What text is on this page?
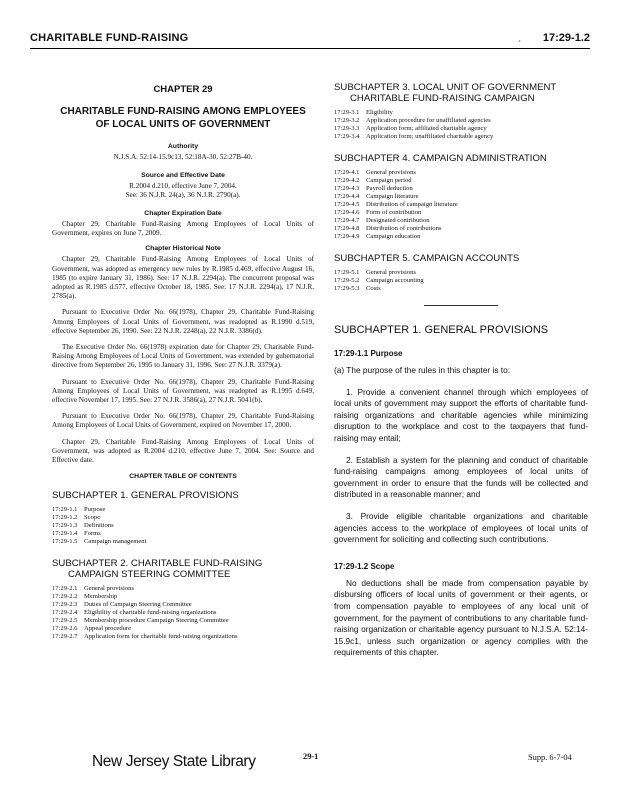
CHARITABLE FUND-RAISING	ˌ 17:29-1.2
CHAPTER 29
CHARITABLE FUND-RAISING AMONG EMPLOYEES OF LOCAL UNITS OF GOVERNMENT
Authority
N.J.S.A. 52:14-15.9c13, 52:18A-30, 52:27B-40.
Source and Effective Date
R.2004 d.210, effective June 7, 2004.
See: 36 N.J.R. 24(a), 36 N.J.R. 2790(a).
Chapter Expiration Date
Chapter 29, Charitable Fund-Raising Among Employees of Local Units of Government, expires on June 7, 2009.
Chapter Historical Note
Chapter 29, Charitable Fund-Raising Among Employees of Local Units of Government, was adopted as emergency new rules by R.1985 d.469, effective August 16, 1985 (to expire January 31, 1986). See: 17 N.J.R. 2294(a). The concurrent proposal was adopted as R.1985 d.577, effective October 18, 1985. See: 17 N.J.R. 2294(a), 17 N.J.R. 2785(a).
Pursuant to Executive Order No. 66(1978), Chapter 29, Charitable Fund-Raising Among Employees of Local Units of Government, was readopted as R.1990 d.519, effective September 26, 1990. See: 22 N.J.R. 2248(a), 22 N.J.R. 3386(d).
The Executive Order No. 66(1978) expiration date for Chapter 29, Charitable Fund-Raising Among Employees of Local Units of Government, was extended by gubernatorial directive from September 26, 1995 to January 31, 1996. See: 27 N.J.R. 3379(a).
Pursuant to Executive Order No. 66(1978), Chapter 29, Charitable Fund-Raising Among Employees of Local Units of Government, was readopted as R.1995 d.649, effective November 17, 1995. See: 27 N.J.R. 3586(a), 27 N.J.R. 5041(b).
Pursuant to Executive Order No. 66(1978), Chapter 29, Charitable Fund-Raising Among Employees of Local Units of Government, expired on November 17, 2000.
Chapter 29, Charitable Fund-Raising Among Employees of Local Units of Government, was adopted as R.2004 d.210, effective June 7, 2004. See: Source and Effective date.
CHAPTER TABLE OF CONTENTS
SUBCHAPTER 1. GENERAL PROVISIONS
17:29-1.1 Purpose
17:29-1.2 Scope
17:29-1.3 Definitions
17:29-1.4 Forms
17:29-1.5 Campaign management
SUBCHAPTER 2. CHARITABLE FUND-RAISING
CAMPAIGN STEERING COMMITTEE
17:29-2.1 General provisions
17:29-2.2 Membership
17:29-2.3 Duties of Campaign Steering Committee
17:29-2.4 Eligibility of charitable fund-raising organizations
17:29-2.5 Membership procedure Campaign Steering Committee
17:29-2.6 Appeal procedure
17:29-2.7 Application form for charitable fund-raising organizations
SUBCHAPTER 3. LOCAL UNIT OF GOVERNMENT
CHARITABLE FUND-RAISING CAMPAIGN
17:29-3.1 Eligibility
17:29-3.2 Application procedure for unaffiliated agencies
17:29-3.3 Application form; affiliated charitable agency
17:29-3.4 Application form; unaffiliated charitable agency
SUBCHAPTER 4. CAMPAIGN ADMINISTRATION
17:29-4.1 General provisions
17:29-4.2 Campaign period
17:29-4.3 Payroll deduction
17:29-4.4 Campaign literature
17:29-4.5 Distribution of campaign literature
17:29-4.6 Form of contribution
17:29-4.7 Designated contribution
17:29-4.8 Distribution of contributions
17:29-4.9 Campaign education
SUBCHAPTER 5. CAMPAIGN ACCOUNTS
17:29-5.1 General provisions
17:29-5.2 Campaign accounting
17:29-5.3 Costs
SUBCHAPTER 1. GENERAL PROVISIONS
17:29-1.1 Purpose
(a) The purpose of the rules in this chapter is to:
1. Provide a convenient channel through which employees of local units of government may support the efforts of charitable fund-raising organizations and charitable agencies while minimizing disruption to the workplace and cost to the taxpayers that fund-raising may entail;
2. Establish a system for the planning and conduct of charitable fund-raising campaigns among employees of local units of government in order to ensure that the funds will be collected and distributed in a reasonable manner; and
3. Provide eligible charitable organizations and charitable agencies access to the workplace of employees of local units of government for soliciting and collecting such contributions.
17:29-1.2 Scope
No deductions shall be made from compensation payable by disbursing officers of local units of government or their agents, or from compensation payable to employees of any local unit of government, for the payment of contributions to any charitable fund-raising organization or charitable agency pursuant to N.J.S.A. 52:14-15.9c1, unless such organization or agency complies with the requirements of this chapter.
New Jersey State Library	29-1	Supp. 6-7-04
